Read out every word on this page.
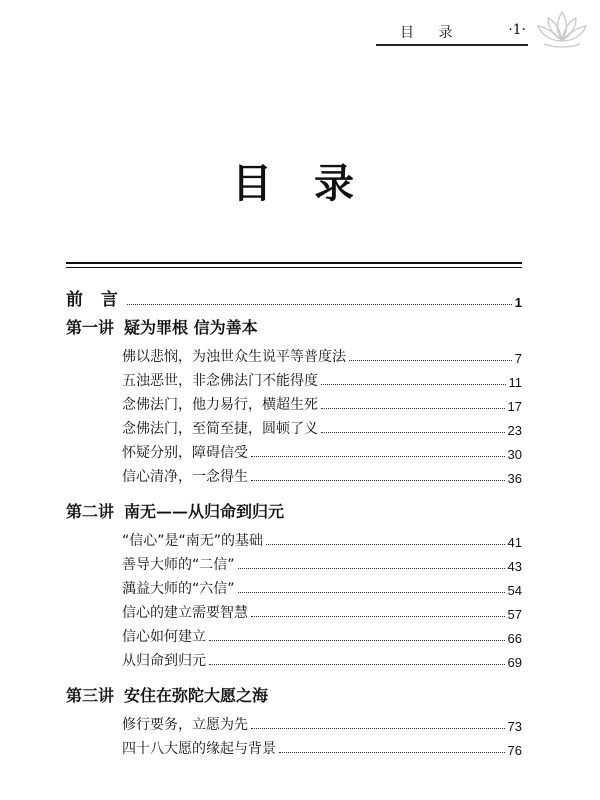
目 录	·1·
目 录
前 言	1
第一讲 疑为罪根 信为善本
佛以悲悯，为浊世众生说平等普度法	7
五浊恶世，非念佛法门不能得度	11
念佛法门，他力易行，横超生死	17
念佛法门，至简至捷，圆顿了义	23
怀疑分别，障碍信受	30
信心清净，一念得生	36
第二讲 南无——从归命到归元
“信心”是“南无”的基础	41
善导大师的“二信”	43
蕅益大师的“六信”	54
信心的建立需要智慧	57
信心如何建立	66
从归命到归元	69
第三讲 安住在弥陀大愿之海
修行要务，立愿为先	73
四十八大愿的缘起与背景	76
